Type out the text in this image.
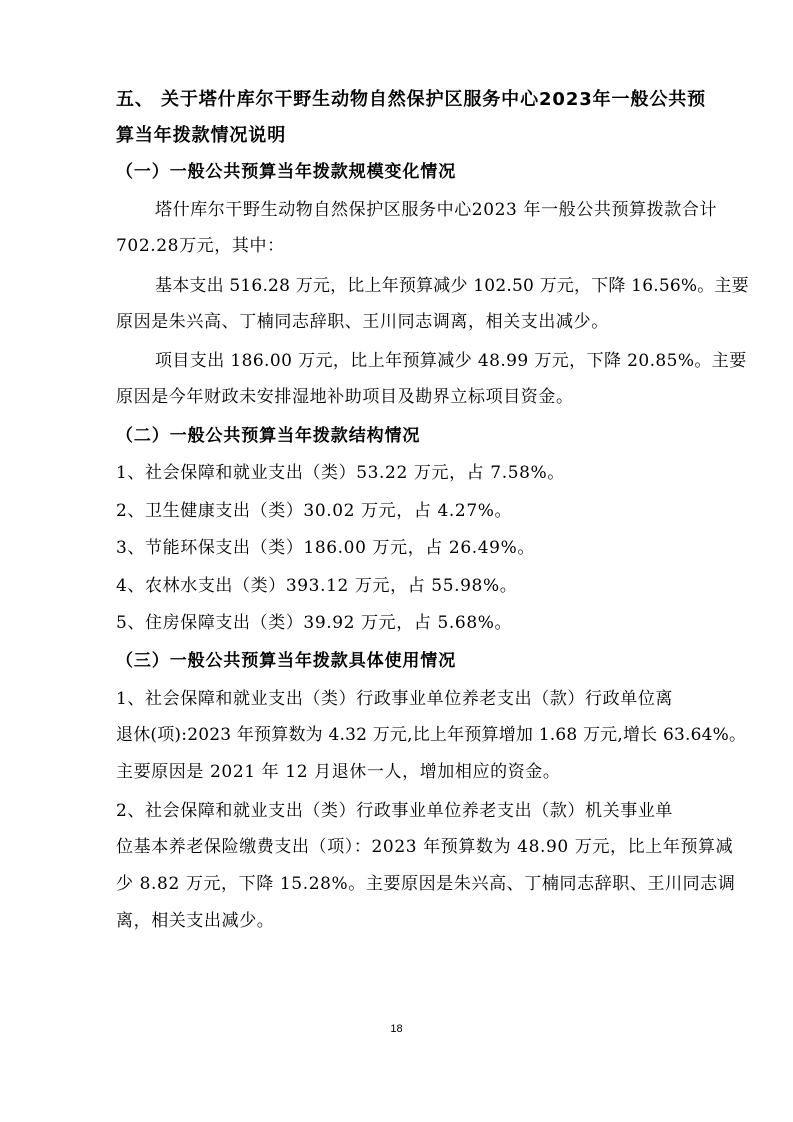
五、 关于塔什库尔干野生动物自然保护区服务中心2023年一般公共预
算当年拨款情况说明
（一）一般公共预算当年拨款规模变化情况
塔什库尔干野生动物自然保护区服务中心2023 年一般公共预算拨款合计
702.28万元，其中：
基本支出 516.28 万元，比上年预算减少 102.50 万元，下降 16.56%。主要
原因是朱兴高、丁楠同志辞职、王川同志调离，相关支出减少。
项目支出 186.00 万元，比上年预算减少 48.99 万元，下降 20.85%。主要
原因是今年财政未安排湿地补助项目及勘界立标项目资金。
（二）一般公共预算当年拨款结构情况
1、社会保障和就业支出（类）53.22 万元，占 7.58%。
2、卫生健康支出（类）30.02 万元，占 4.27%。
3、节能环保支出（类）186.00 万元，占 26.49%。
4、农林水支出（类）393.12 万元，占 55.98%。
5、住房保障支出（类）39.92 万元，占 5.68%。
（三）一般公共预算当年拨款具体使用情况
1、社会保障和就业支出（类）行政事业单位养老支出（款）行政单位离
退休(项):2023 年预算数为 4.32 万元,比上年预算增加 1.68 万元,增长 63.64%。
主要原因是 2021 年 12 月退休一人，增加相应的资金。
2、社会保障和就业支出（类）行政事业单位养老支出（款）机关事业单
位基本养老保险缴费支出（项）：2023 年预算数为 48.90 万元，比上年预算减
少 8.82 万元，下降 15.28%。主要原因是朱兴高、丁楠同志辞职、王川同志调
离，相关支出减少。
18
